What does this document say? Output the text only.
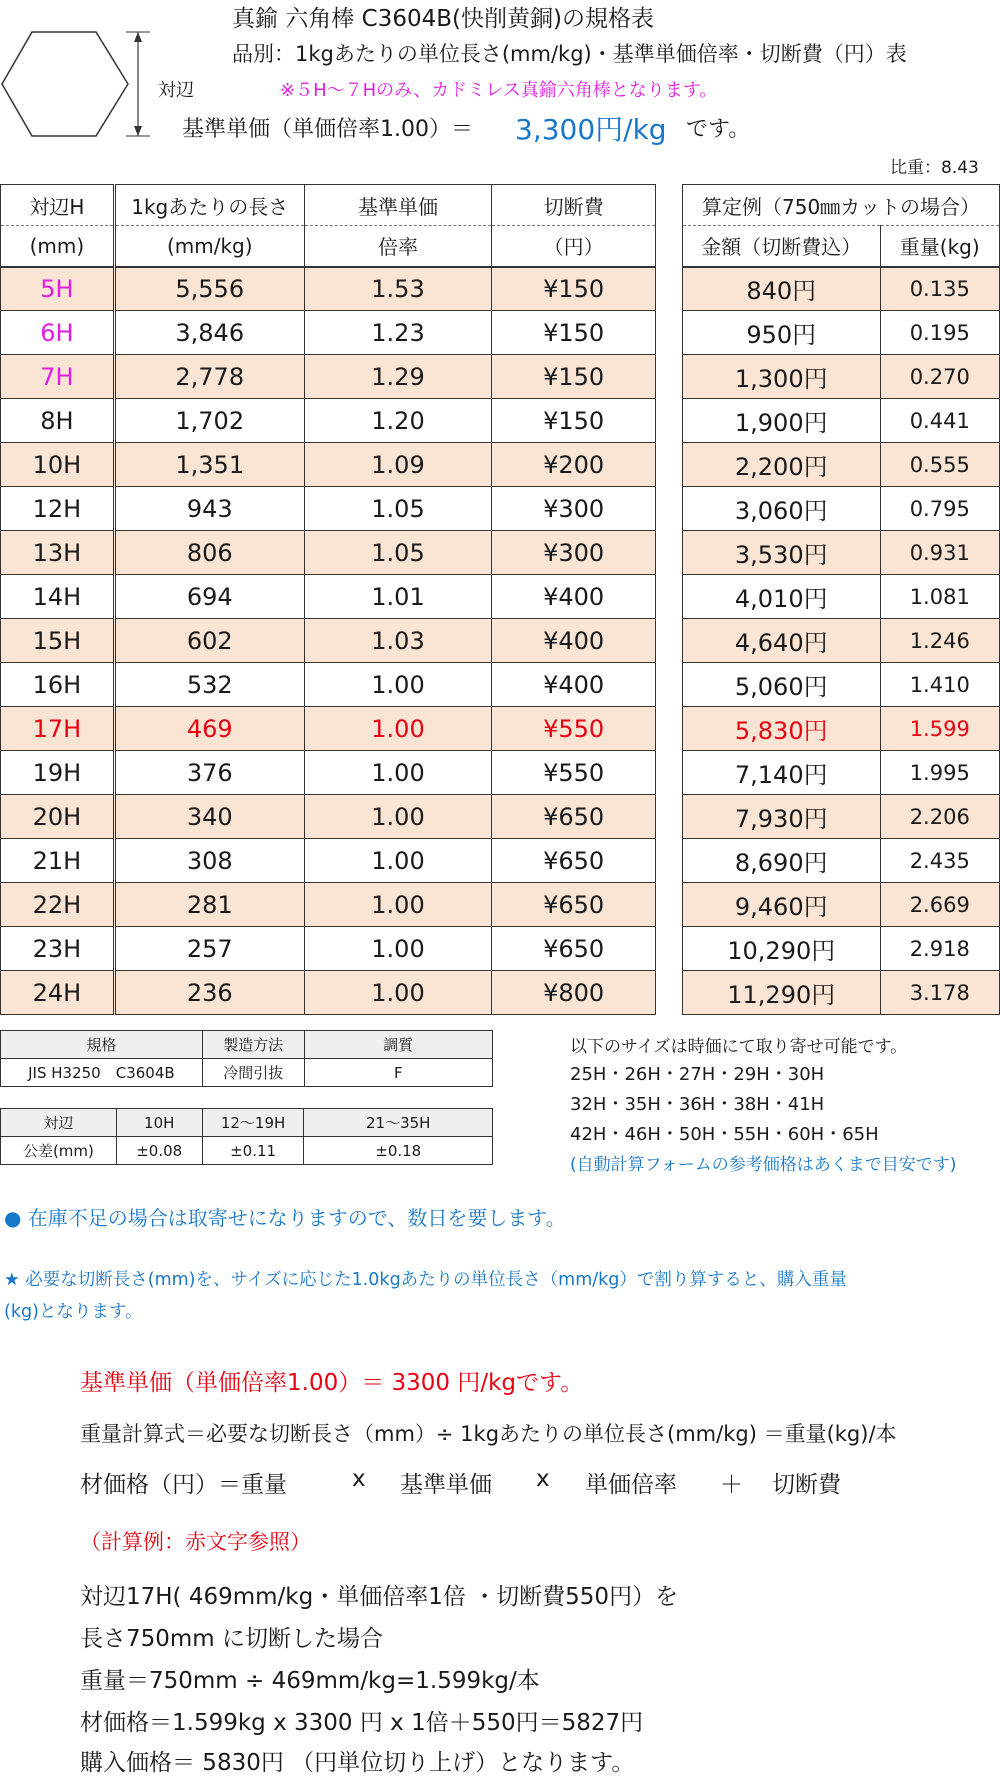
対辺
真鍮 六角棒 C3604B(快削黄銅)の規格表
品別：1kgあたりの単位長さ(mm/kg)・基準単価倍率・切断費（円）表
※５H～７Hのみ、カドミレス真鍮六角棒となります。
基準単価（単価倍率1.00）＝ 3,300円/kg です。
比重：8.43
対辺H	1kgあたりの長さ	基準単価	切断費
(mm)	(mm/kg)	倍率	（円）
5H	5,556	1.53	¥150
6H	3,846	1.23	¥150
7H	2,778	1.29	¥150
8H	1,702	1.20	¥150
10H	1,351	1.09	¥200
12H	943	1.05	¥300
13H	806	1.05	¥300
14H	694	1.01	¥400
15H	602	1.03	¥400
16H	532	1.00	¥400
17H	469	1.00	¥550
19H	376	1.00	¥550
20H	340	1.00	¥650
21H	308	1.00	¥650
22H	281	1.00	¥650
23H	257	1.00	¥650
24H	236	1.00	¥800
算定例（750㎜カットの場合）	
金額（切断費込）	重量(kg)
840円	0.135
950円	0.195
1,300円	0.270
1,900円	0.441
2,200円	0.555
3,060円	0.795
3,530円	0.931
4,010円	1.081
4,640円	1.246
5,060円	1.410
5,830円	1.599
7,140円	1.995
7,930円	2.206
8,690円	2.435
9,460円	2.669
10,290円	2.918
11,290円	3.178
規格	製造方法	調質
JIS H3250　C3604B	冷間引抜	F
対辺	10H	12～19H	21～35H
公差(mm)	±0.08	±0.11	±0.18
以下のサイズは時価にて取り寄せ可能です。
25H・26H・27H・29H・30H
32H・35H・36H・38H・41H
42H・46H・50H・55H・60H・65H
(自動計算フォームの参考価格はあくまで目安です)
● 在庫不足の場合は取寄せになりますので、数日を要します。
★ 必要な切断長さ(mm)を、サイズに応じた1.0kgあたりの単位長さ（mm/kg）で割り算すると、購入重量
(kg)となります。
基準単価（単価倍率1.00）＝ 3300 円/kgです。
重量計算式＝必要な切断長さ（mm）÷ 1kgあたりの単位長さ(mm/kg) ＝重量(kg)/本
材価格（円）＝重量	x 基準単価 x 単価倍率 ＋ 切断費
（計算例：赤文字参照）
対辺17H( 469mm/kg・単価倍率1倍 ・切断費550円）を
長さ750mm に切断した場合
重量＝750mm ÷ 469mm/kg=1.599kg/本
材価格＝1.599kg x 3300 円 x 1倍＋550円＝5827円
購入価格＝ 5830円 （円単位切り上げ）となります。
